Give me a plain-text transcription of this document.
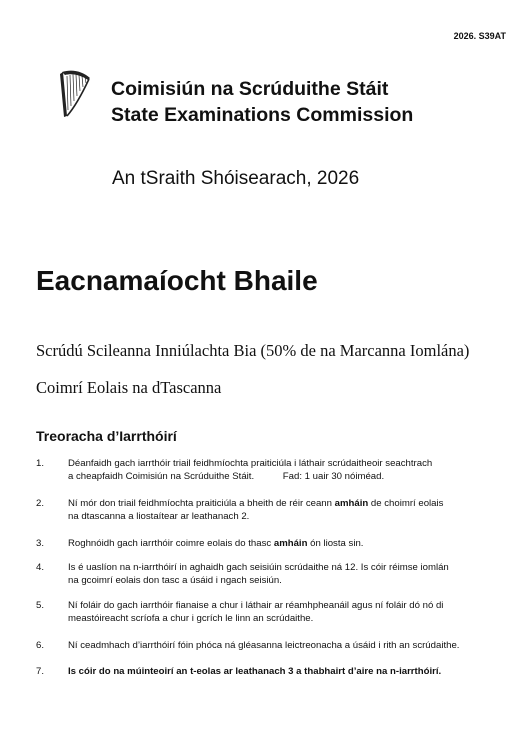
2026. S39AT
Coimisiún na Scrúduithe Stáit
State Examinations Commission
An tSraith Shóisearach, 2026
Eacnamaíocht Bhaile
Scrúdú Scileanna Inniúlachta Bia (50% de na Marcanna Iomlána)
Coimrí Eolais na dTascanna
Treoracha d’Iarrthóirí
1. Déanfaidh gach iarrthóir triail feidhmíochta praiticiúla i láthair scrúdaitheoir seachtrach
a cheapfaidh Coimisiún na Scrúduithe Stáit.	Fad: 1 uair 30 nóiméad.
2. Ní mór don triail feidhmíochta praiticiúla a bheith de réir ceann amháin de choimrí eolais
na dtascanna a liostaítear ar leathanach 2.
3. Roghnóidh gach iarrthóir coimre eolais do thasc amháin ón liosta sin.
4. Is é uaslíon na n-iarrthóirí in aghaidh gach seisiúin scrúdaithe ná 12. Is cóir réimse iomlán
na gcoimrí eolais don tasc a úsáid i ngach seisiún.
5. Ní foláir do gach iarrthóir fianaise a chur i láthair ar réamhpheanáil agus ní foláir dó nó di
meastóireacht scríofa a chur i gcrích le linn an scrúdaithe.
6. Ní ceadmhach d’iarrthóirí fóin phóca ná gléasanna leictreonacha a úsáid i rith an scrúdaithe.
7. Is cóir do na múinteoirí an t-eolas ar leathanach 3 a thabhairt d’aire na n-iarrthóirí.
